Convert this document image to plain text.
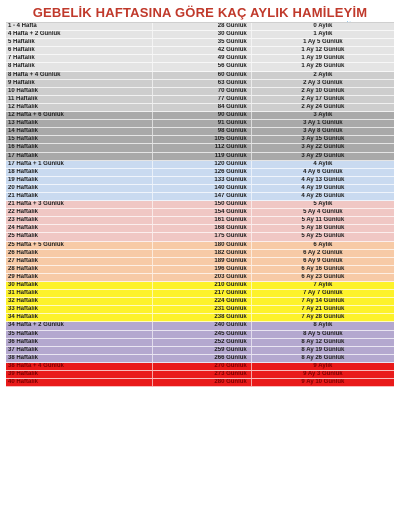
GEBELİK HAFTASINA GÖRE KAÇ AYLIK HAMİLEYİM
1 - 4 Hafta	28 Günlük	0 Aylık
4 Hafta + 2 Günlük	30 Günlük	1 Aylık
5 Haftalık	35 Günlük	1 Ay 5 Günlük
6 Haftalık	42 Günlük	1 Ay 12 Günlük
7 Haftalık	49 Günlük	1 Ay 19 Günlük
8 Haftalık	56 Günlük	1 Ay 26 Günlük
8 Hafta + 4 Günlük	60 Günlük	2 Aylık
9 Haftalık	63 Günlük	2 Ay 3 Günlük
10 Haftalık	70 Günlük	2 Ay 10 Günlük
11 Haftalık	77 Günlük	2 Ay 17 Günlük
12 Haftalık	84 Günlük	2 Ay 24 Günlük
12 Hafta + 6 Günlük	90 Günlük	3 Aylık
13 Haftalık	91 Günlük	3 Ay 1 Günlük
14 Haftalık	98 Günlük	3 Ay 8 Günlük
15 Haftalık	105 Günlük	3 Ay 15 Günlük
16 Haftalık	112 Günlük	3 Ay 22 Günlük
17 Haftalık	119 Günlük	3 Ay 29 Günlük
17 Hafta + 1 Günlük	120 Günlük	4 Aylık
18 Haftalık	126 Günlük	4 Ay 6 Günlük
19 Haftalık	133 Günlük	4 Ay 13 Günlük
20 Haftalık	140 Günlük	4 Ay 19 Günlük
21 Haftalık	147 Günlük	4 Ay 26 Günlük
21 Hafta + 3 Günlük	150 Günlük	5 Aylık
22 Haftalık	154 Günlük	5 Ay 4 Günlük
23 Haftalık	161 Günlük	5 Ay 11 Günlük
24 Haftalık	168 Günlük	5 Ay 18 Günlük
25 Haftalık	175 Günlük	5 Ay 25 Günlük
25 Hafta + 5 Günlük	180 Günlük	6 Aylık
26 Haftalık	182 Günlük	6 Ay 2 Günlük
27 Haftalık	189 Günlük	6 Ay 9 Günlük
28 Haftalık	196 Günlük	6 Ay 16 Günlük
29 Haftalık	203 Günlük	6 Ay 23 Günlük
30 Haftalık	210 Günlük	7 Aylık
31 Haftalık	217 Günlük	7 Ay 7 Günlük
32 Haftalık	224 Günlük	7 Ay 14 Günlük
33 Haftalık	231 Günlük	7 Ay 21 Günlük
34 Haftalık	238 Günlük	7 Ay 28 Günlük
34 Hafta + 2 Günlük	240 Günlük	8 Aylık
35 Haftalık	245 Günlük	8 Ay 5 Günlük
36 Haftalık	252 Günlük	8 Ay 12 Günlük
37 Haftalık	259 Günlük	8 Ay 19 Günlük
38 Haftalık	266 Günlük	8 Ay 26 Günlük
38 Hafta + 4 Günlük	270 Günlük	9 Aylık
39 Haftalık	273 Günlük	9 Ay 3 Günlük
40 Haftalık	280 Günlük	9 Ay 10 Günlük
